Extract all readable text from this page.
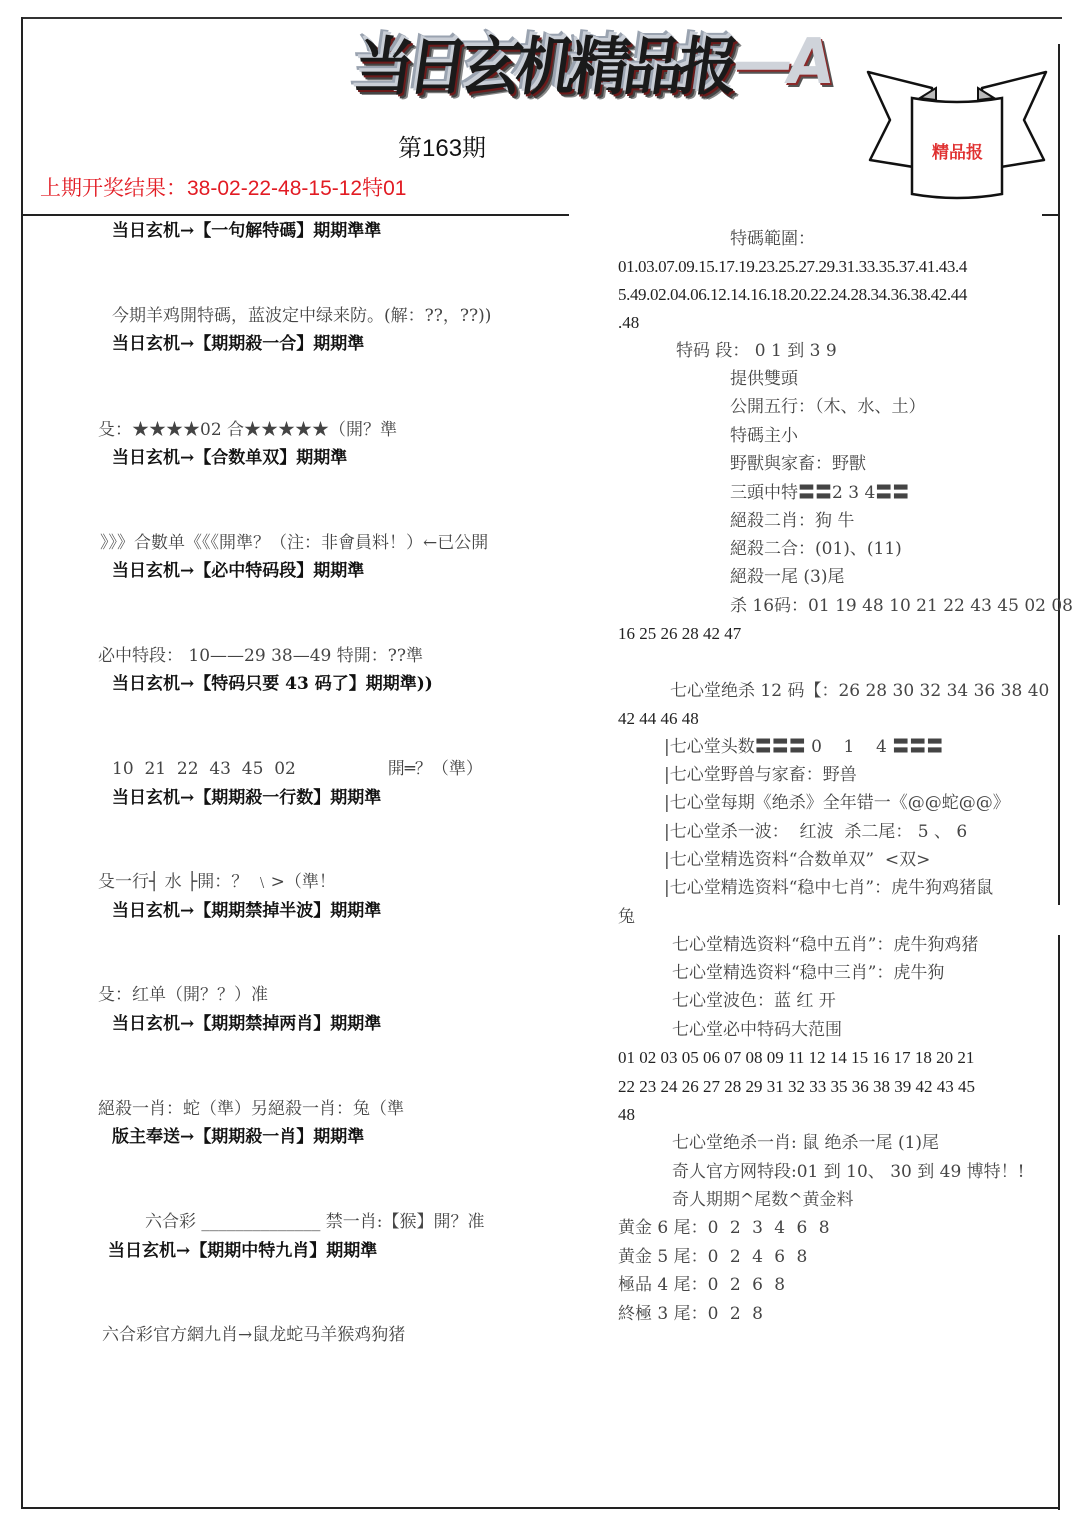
当日玄机精品报
—A
第163期
上期开奖结果：38-02-22-48-15-12特01
精品报
当日玄机→【一句解特碼】期期準準
今期羊鸡開特碼，蓝波定中绿来防。(解：??，??))
当日玄机→【期期殺一合】期期準
殳：★★★★02 合★★★★★（開？準
当日玄机→【合数单双】期期準
》》》合數单《《《開準？（注：非會員料！）←已公開
当日玄机→【必中特码段】期期準
必中特段： 10——29 38—49 特開：??準
当日玄机→【特码只要 43 码了】期期準))
10  21  22  43  45  02                 開═？（準）
当日玄机→【期期殺一行数】期期準
殳一行┤ 水 ├開：？ ﹨>（準！
当日玄机→【期期禁掉半波】期期準
殳：红单（開？？）准
当日玄机→【期期禁掉两肖】期期準
絕殺一肖：蛇（準）另絕殺一肖：兔（準
版主奉送→【期期殺一肖】期期準
六合彩 ______________ 禁一肖:【猴】開？准
当日玄机→【期期中特九肖】期期準
六合彩官方網九肖→鼠龙蛇马羊猴鸡狗猪
特碼範圍：
01.03.07.09.15.17.19.23.25.27.29.31.33.35.37.41.43.4
5.49.02.04.06.12.14.16.18.20.22.24.28.34.36.38.42.44
.48
特码 段： 0 1 到 3 9
提供雙頭
公開五行：（木、水、土）
特碼主小
野獸與家畜：野獸
三頭中特〓〓2 3 4〓〓
絕殺二肖：狗 牛
絕殺二合：(01)、(11)
絕殺一尾 (3)尾
杀 16码：01 19 48 10 21 22 43 45 02 08
16 25 26 28 42 47
七心堂绝杀 12 码【：26 28 30 32 34 36 38 40
42 44 46 48
|七心堂头数〓〓〓 0    1    4 〓〓〓
|七心堂野兽与家畜：野兽
|七心堂每期《绝杀》全年错一《@@蛇@@》
|七心堂杀一波：  红波  杀二尾： 5 、 6
|七心堂精选资料“合数单双”  <双>
|七心堂精选资料“稳中七肖”：虎牛狗鸡猪鼠
兔
七心堂精选资料“稳中五肖”：虎牛狗鸡猪
七心堂精选资料“稳中三肖”：虎牛狗
七心堂波色：蓝 红 开
七心堂必中特码大范围
01 02 03 05 06 07 08 09 11 12 14 15 16 17 18 20 21
22 23 24 26 27 28 29 31 32 33 35 36 38 39 42 43 45
48
七心堂绝杀一肖: 鼠 绝杀一尾 (1)尾
奇人官方网特段:01 到 10、 30 到 49 博特！!
奇人期期^尾数^黄金料
黄金 6 尾：0 2 3 4 6 8
黄金 5 尾：0 2 4 6 8
極品 4 尾：0 2 6 8
終極 3 尾：0 2 8
